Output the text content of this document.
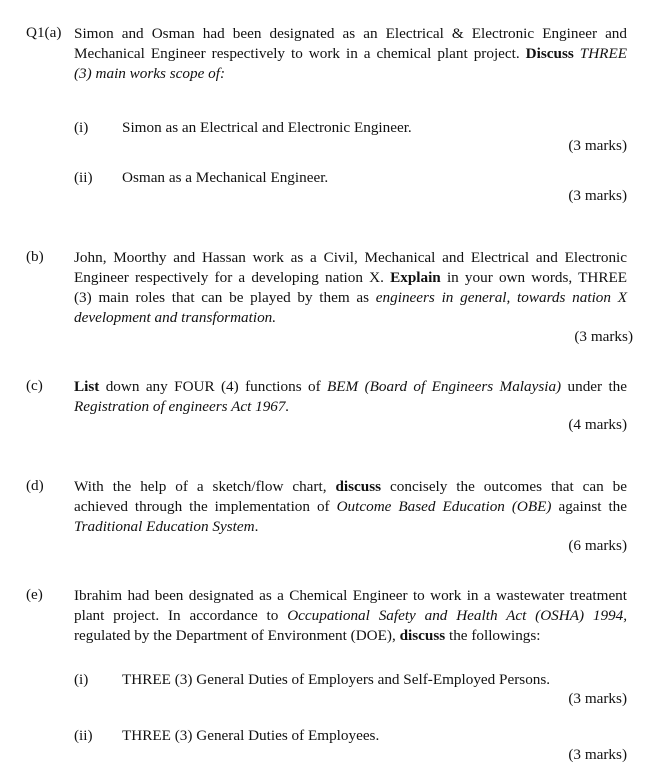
Q1(a) Simon and Osman had been designated as an Electrical & Electronic Engineer and
Mechanical Engineer respectively to work in a chemical plant project. Discuss THREE
(3) main works scope of:
(i) Simon as an Electrical and Electronic Engineer.
(3 marks)
(ii) Osman as a Mechanical Engineer.
(3 marks)
(b) John, Moorthy and Hassan work as a Civil, Mechanical and Electrical and Electronic
Engineer respectively for a developing nation X. Explain in your own words, THREE
(3) main roles that can be played by them as engineers in general, towards nation X
development and transformation.
(3 marks)
(c) List down any FOUR (4) functions of BEM (Board of Engineers Malaysia) under the
Registration of engineers Act 1967.
(4 marks)
(d) With the help of a sketch/flow chart, discuss concisely the outcomes that can be
achieved through the implementation of Outcome Based Education (OBE) against the
Traditional Education System.
(6 marks)
(e) Ibrahim had been designated as a Chemical Engineer to work in a wastewater treatment
plant project. In accordance to Occupational Safety and Health Act (OSHA) 1994,
regulated by the Department of Environment (DOE), discuss the followings:
(i) THREE (3) General Duties of Employers and Self-Employed Persons.
(3 marks)
(ii) THREE (3) General Duties of Employees.
(3 marks)
